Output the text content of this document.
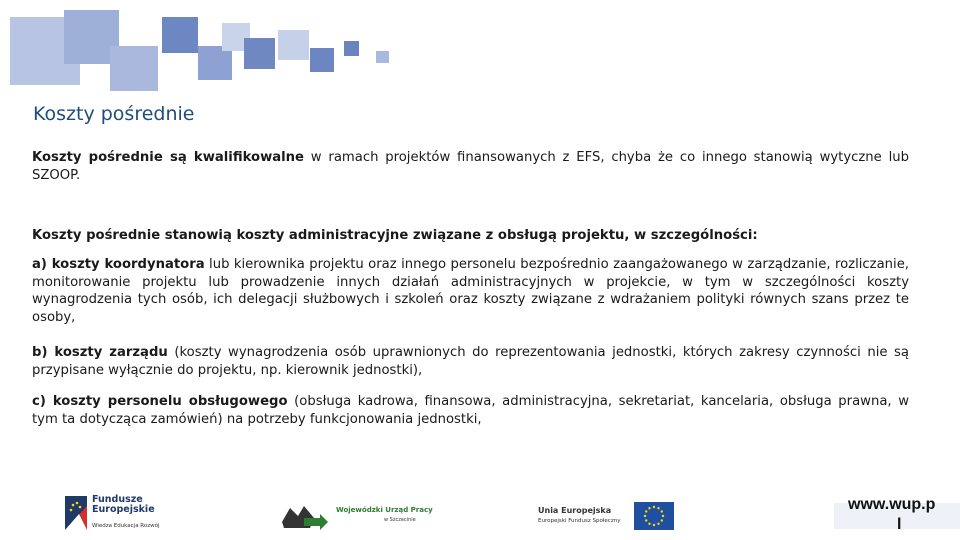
Koszty pośrednie

Koszty pośrednie są kwalifikowalne w ramach projektów finansowanych z EFS, chyba że co innego stanowią wytyczne lub SZOOP.

Koszty pośrednie stanowią koszty administracyjne związane z obsługą projektu, w szczególności:

a) koszty koordynatora lub kierownika projektu oraz innego personelu bezpośrednio zaangażowanego w zarządzanie, rozliczanie, monitorowanie projektu lub prowadzenie innych działań administracyjnych w projekcie, w tym w szczególności koszty wynagrodzenia tych osób, ich delegacji służbowych i szkoleń oraz koszty związane z wdrażaniem polityki równych szans przez te osoby,

b) koszty zarządu (koszty wynagrodzenia osób uprawnionych do reprezentowania jednostki, których zakresy czynności nie są przypisane wyłącznie do projektu, np. kierownik jednostki),

c) koszty personelu obsługowego (obsługa kadrowa, finansowa, administracyjna, sekretariat, kancelaria, obsługa prawna, w tym ta dotycząca zamówień) na potrzeby funkcjonowania jednostki,

Fundusze
Europejskie
Wiedza Edukacja Rozwój
Wojewódzki Urząd Pracy
w Szczecinie
Unia Europejska
Europejski Fundusz Społeczny
www.wup.p
l
